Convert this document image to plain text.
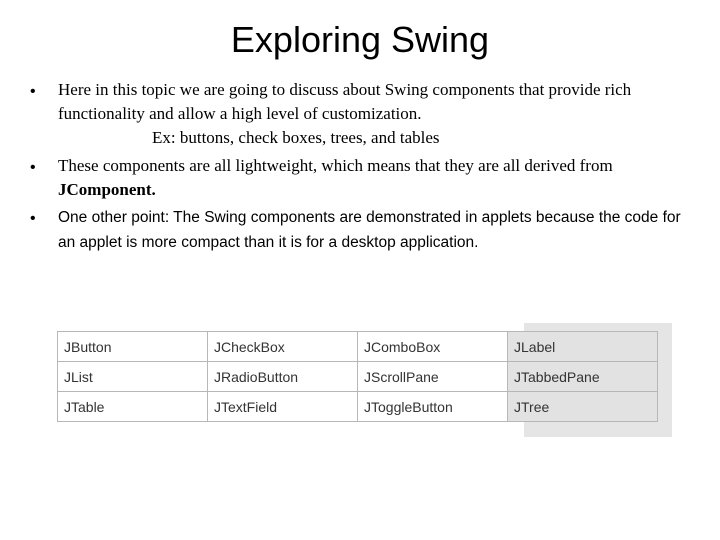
Exploring Swing
• Here in this topic we are going to discuss about Swing components that provide rich functionality and allow a high level of customization.
Ex: buttons, check boxes, trees, and tables
• These components are all lightweight, which means that they are all derived from JComponent.
• One other point: The Swing components are demonstrated in applets because the code for an applet is more compact than it is for a desktop application.
JButton	JCheckBox	JComboBox	JLabel
JList	JRadioButton	JScrollPane	JTabbedPane
JTable	JTextField	JToggleButton	JTree
